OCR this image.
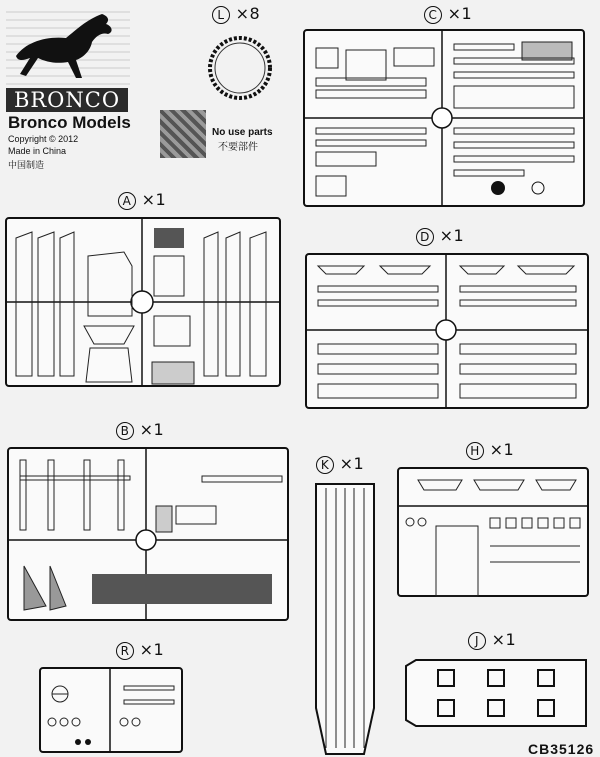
BRONCO
Bronco Models
Copyright © 2012
Made in China
中国制造
No use parts
不要部件
L ×8	C ×1
A ×1
D ×1
B ×1
K ×1
H ×1
R ×1	J ×1
CB35126
